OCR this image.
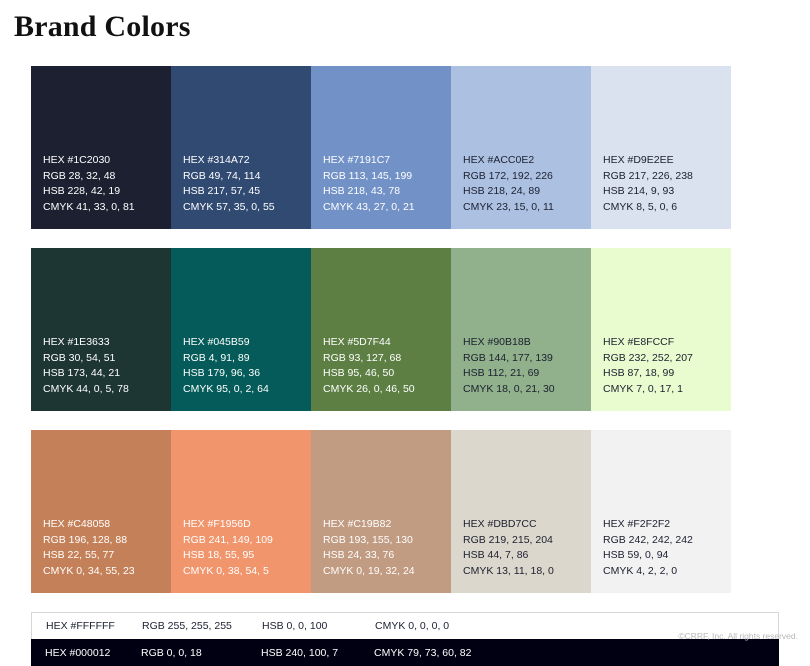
Brand Colors
HEX #1C2030
RGB 28, 32, 48
HSB 228, 42, 19
CMYK 41, 33, 0, 81
HEX #314A72
RGB 49, 74, 114
HSB 217, 57, 45
CMYK 57, 35, 0, 55
HEX #7191C7
RGB 113, 145, 199
HSB 218, 43, 78
CMYK 43, 27, 0, 21
HEX #ACC0E2
RGB 172, 192, 226
HSB 218, 24, 89
CMYK 23, 15, 0, 11
HEX #D9E2EE
RGB 217, 226, 238
HSB 214, 9, 93
CMYK 8, 5, 0, 6
HEX #1E3633
RGB 30, 54, 51
HSB 173, 44, 21
CMYK 44, 0, 5, 78
HEX #045B59
RGB 4, 91, 89
HSB 179, 96, 36
CMYK 95, 0, 2, 64
HEX #5D7F44
RGB 93, 127, 68
HSB 95, 46, 50
CMYK 26, 0, 46, 50
HEX #90B18B
RGB 144, 177, 139
HSB 112, 21, 69
CMYK 18, 0, 21, 30
HEX #E8FCCF
RGB 232, 252, 207
HSB 87, 18, 99
CMYK 7, 0, 17, 1
HEX #C48058
RGB 196, 128, 88
HSB 22, 55, 77
CMYK 0, 34, 55, 23
HEX #F1956D
RGB 241, 149, 109
HSB 18, 55, 95
CMYK 0, 38, 54, 5
HEX #C19B82
RGB 193, 155, 130
HSB 24, 33, 76
CMYK 0, 19, 32, 24
HEX #DBD7CC
RGB 219, 215, 204
HSB 44, 7, 86
CMYK 13, 11, 18, 0
HEX #F2F2F2
RGB 242, 242, 242
HSB 59, 0, 94
CMYK 4, 2, 2, 0
HEX #FFFFFF	RGB 255, 255, 255	HSB 0, 0, 100	CMYK 0, 0, 0, 0
HEX #000012	RGB 0, 0, 18	HSB 240, 100, 7	CMYK 79, 73, 60, 82
©CRRF, Inc. All rights reserved.
